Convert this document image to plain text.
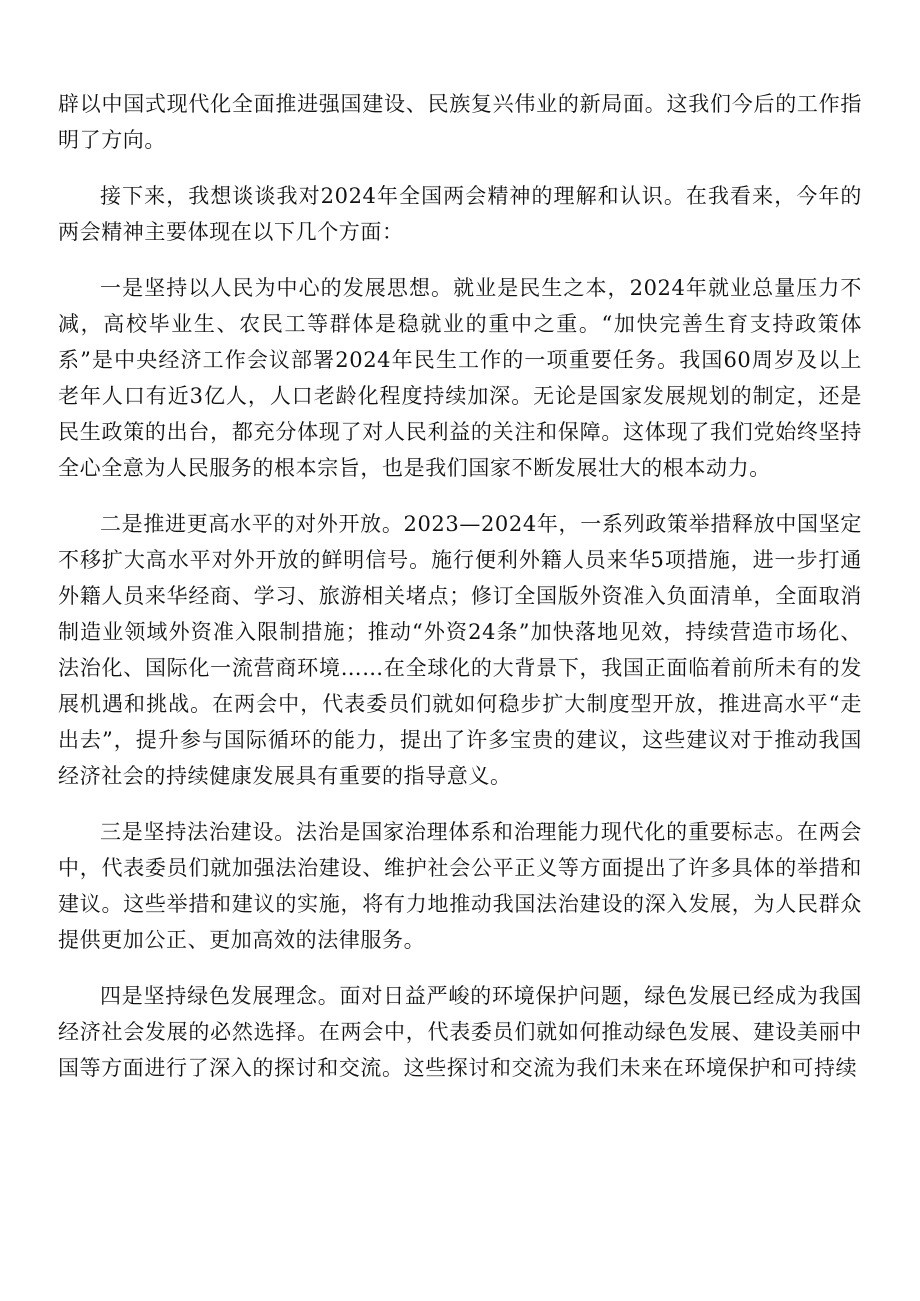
辟以中国式现代化全面推进强国建设、民族复兴伟业的新局面。这我们今后的工作指明了方向。

接下来，我想谈谈我对2024年全国两会精神的理解和认识。在我看来，今年的两会精神主要体现在以下几个方面：

一是坚持以人民为中心的发展思想。就业是民生之本，2024年就业总量压力不减，高校毕业生、农民工等群体是稳就业的重中之重。“加快完善生育支持政策体系”是中央经济工作会议部署2024年民生工作的一项重要任务。我国60周岁及以上老年人口有近3亿人，人口老龄化程度持续加深。无论是国家发展规划的制定，还是民生政策的出台，都充分体现了对人民利益的关注和保障。这体现了我们党始终坚持全心全意为人民服务的根本宗旨，也是我们国家不断发展壮大的根本动力。

二是推进更高水平的对外开放。2023—2024年，一系列政策举措释放中国坚定不移扩大高水平对外开放的鲜明信号。施行便利外籍人员来华5项措施，进一步打通外籍人员来华经商、学习、旅游相关堵点；修订全国版外资准入负面清单，全面取消制造业领域外资准入限制措施；推动“外资24条”加快落地见效，持续营造市场化、法治化、国际化一流营商环境……在全球化的大背景下，我国正面临着前所未有的发展机遇和挑战。在两会中，代表委员们就如何稳步扩大制度型开放，推进高水平“走出去”，提升参与国际循环的能力，提出了许多宝贵的建议，这些建议对于推动我国经济社会的持续健康发展具有重要的指导意义。

三是坚持法治建设。法治是国家治理体系和治理能力现代化的重要标志。在两会中，代表委员们就加强法治建设、维护社会公平正义等方面提出了许多具体的举措和建议。这些举措和建议的实施，将有力地推动我国法治建设的深入发展，为人民群众提供更加公正、更加高效的法律服务。

四是坚持绿色发展理念。面对日益严峻的环境保护问题，绿色发展已经成为我国经济社会发展的必然选择。在两会中，代表委员们就如何推动绿色发展、建设美丽中国等方面进行了深入的探讨和交流。这些探讨和交流为我们未来在环境保护和可持续
